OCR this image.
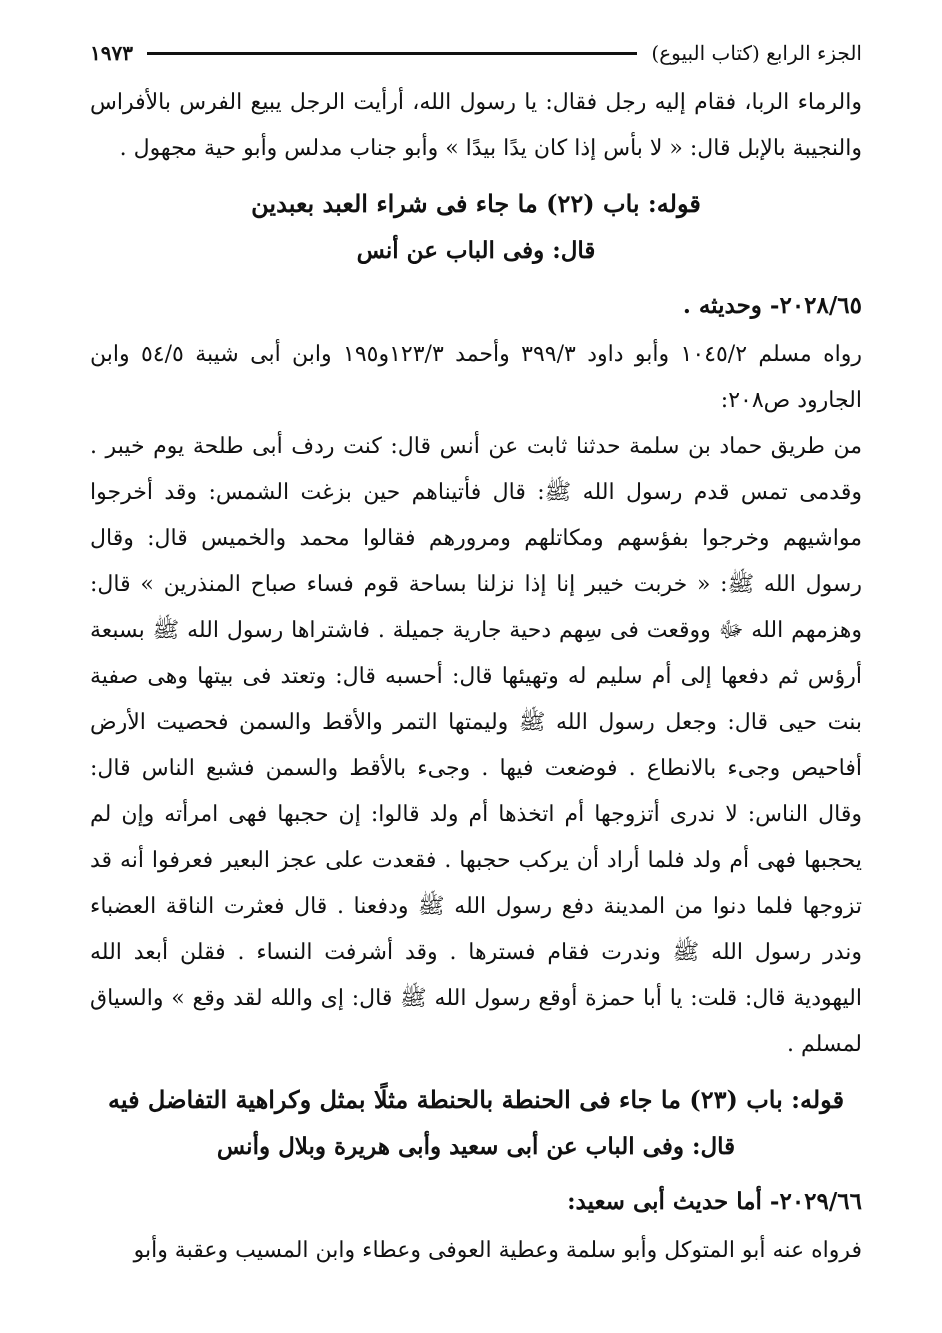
الجزء الرابع (كتاب البيوع)
١٩٧٣

والرماء الربا، فقام إليه رجل فقال: يا رسول الله، أرأيت الرجل يبيع الفرس بالأفراس والنجيبة بالإبل قال: « لا بأس إذا كان يدًا بيدًا » وأبو جناب مدلس وأبو حية مجهول .

قوله: باب (٢٢) ما جاء فى شراء العبد بعبدين

قال: وفى الباب عن أنس

٢٠٢٨/٦٥- وحديثه .

رواه مسلم ١٠٤٥/٢ وأبو داود ٣٩٩/٣ وأحمد ١٢٣/٣و١٩٥ وابن أبى شيبة ٥٤/٥ وابن الجارود ص٢٠٨:

من طريق حماد بن سلمة حدثنا ثابت عن أنس قال: كنت ردف أبى طلحة يوم خيبر . وقدمى تمس قدم رسول الله ﷺ: قال فأتيناهم حين بزغت الشمس: وقد أخرجوا مواشيهم وخرجوا بفؤسهم ومكاتلهم ومرورهم فقالوا محمد والخميس قال: وقال رسول الله ﷺ: « خربت خيبر إنا إذا نزلنا بساحة قوم فساء صباح المنذرين » قال: وهزمهم الله ﷻ ووقعت فى سِهم دحية جارية جميلة . فاشتراها رسول الله ﷺ بسبعة أرؤس ثم دفعها إلى أم سليم له وتهيئها قال: أحسبه قال: وتعتد فى بيتها وهى صفية بنت حيى قال: وجعل رسول الله ﷺ وليمتها التمر والأقط والسمن فحصيت الأرض أفاحيص وجىء بالانطاع . فوضعت فيها . وجىء بالأقط والسمن فشبع الناس قال: وقال الناس: لا ندرى أتزوجها أم اتخذها أم ولد قالوا: إن حجبها فهى امرأته وإن لم يحجبها فهى أم ولد فلما أراد أن يركب حجبها . فقعدت على عجز البعير فعرفوا أنه قد تزوجها فلما دنوا من المدينة دفع رسول الله ﷺ ودفعنا . قال فعثرت الناقة العضباء وندر رسول الله ﷺ وندرت فقام فسترها . وقد أشرفت النساء . فقلن أبعد الله اليهودية قال: قلت: يا أبا حمزة أوقع رسول الله ﷺ قال: إى والله لقد وقع » والسياق لمسلم .

قوله: باب (٢٣) ما جاء فى الحنطة بالحنطة مثلًا بمثل وكراهية التفاضل فيه

قال: وفى الباب عن أبى سعيد وأبى هريرة وبلال وأنس

٢٠٢٩/٦٦- أما حديث أبى سعيد:

فرواه عنه أبو المتوكل وأبو سلمة وعطية العوفى وعطاء وابن المسيب وعقبة وأبو
